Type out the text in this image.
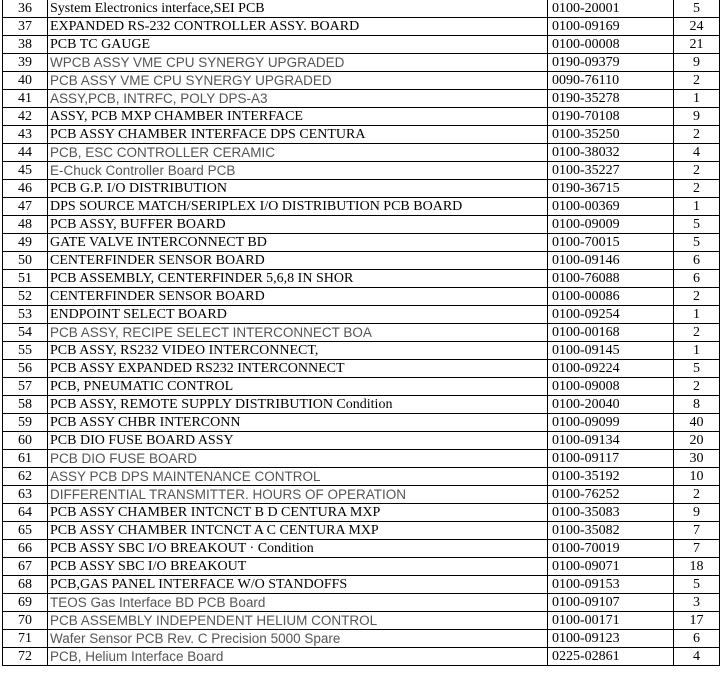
36	System Electronics interface,SEI PCB	0100-20001	5
37	EXPANDED RS-232 CONTROLLER ASSY. BOARD	0100-09169	24
38	PCB TC GAUGE	0100-00008	21
39	WPCB ASSY VME CPU SYNERGY UPGRADED	0190-09379	9
40	PCB ASSY VME CPU SYNERGY UPGRADED	0090-76110	2
41	ASSY,PCB, INTRFC, POLY DPS-A3	0190-35278	1
42	ASSY, PCB MXP CHAMBER INTERFACE	0190-70108	9
43	PCB ASSY CHAMBER INTERFACE DPS CENTURA	0100-35250	2
44	PCB, ESC CONTROLLER CERAMIC	0100-38032	4
45	E-Chuck Controller Board PCB	0100-35227	2
46	PCB G.P. I/O DISTRIBUTION	0190-36715	2
47	DPS SOURCE MATCH/SERIPLEX I/O DISTRIBUTION PCB BOARD	0100-00369	1
48	PCB ASSY, BUFFER BOARD	0100-09009	5
49	GATE VALVE INTERCONNECT BD	0100-70015	5
50	CENTERFINDER SENSOR BOARD	0100-09146	6
51	PCB ASSEMBLY, CENTERFINDER 5,6,8 IN SHOR	0100-76088	6
52	CENTERFINDER SENSOR BOARD	0100-00086	2
53	ENDPOINT SELECT BOARD	0100-09254	1
54	PCB ASSY, RECIPE SELECT INTERCONNECT BOA	0100-00168	2
55	PCB ASSY, RS232 VIDEO INTERCONNECT,	0100-09145	1
56	PCB ASSY EXPANDED RS232 INTERCONNECT	0100-09224	5
57	PCB, PNEUMATIC CONTROL	0100-09008	2
58	PCB ASSY, REMOTE SUPPLY DISTRIBUTION Condition	0100-20040	8
59	PCB ASSY CHBR INTERCONN	0100-09099	40
60	PCB DIO FUSE BOARD ASSY	0100-09134	20
61	PCB DIO FUSE BOARD	0100-09117	30
62	ASSY PCB DPS MAINTENANCE CONTROL	0100-35192	10
63	DIFFERENTIAL TRANSMITTER. HOURS OF OPERATION	0100-76252	2
64	PCB ASSY CHAMBER INTCNCT B D CENTURA MXP	0100-35083	9
65	PCB ASSY CHAMBER INTCNCT A C CENTURA MXP	0100-35082	7
66	PCB ASSY SBC I/O BREAKOUT · Condition	0100-70019	7
67	PCB ASSY SBC I/O BREAKOUT	0100-09071	18
68	PCB,GAS PANEL INTERFACE W/O STANDOFFS	0100-09153	5
69	TEOS Gas Interface BD PCB Board	0100-09107	3
70	PCB ASSEMBLY INDEPENDENT HELIUM CONTROL	0100-00171	17
71	Wafer Sensor PCB Rev. C Precision 5000 Spare	0100-09123	6
72	PCB, Helium Interface Board	0225-02861	4
